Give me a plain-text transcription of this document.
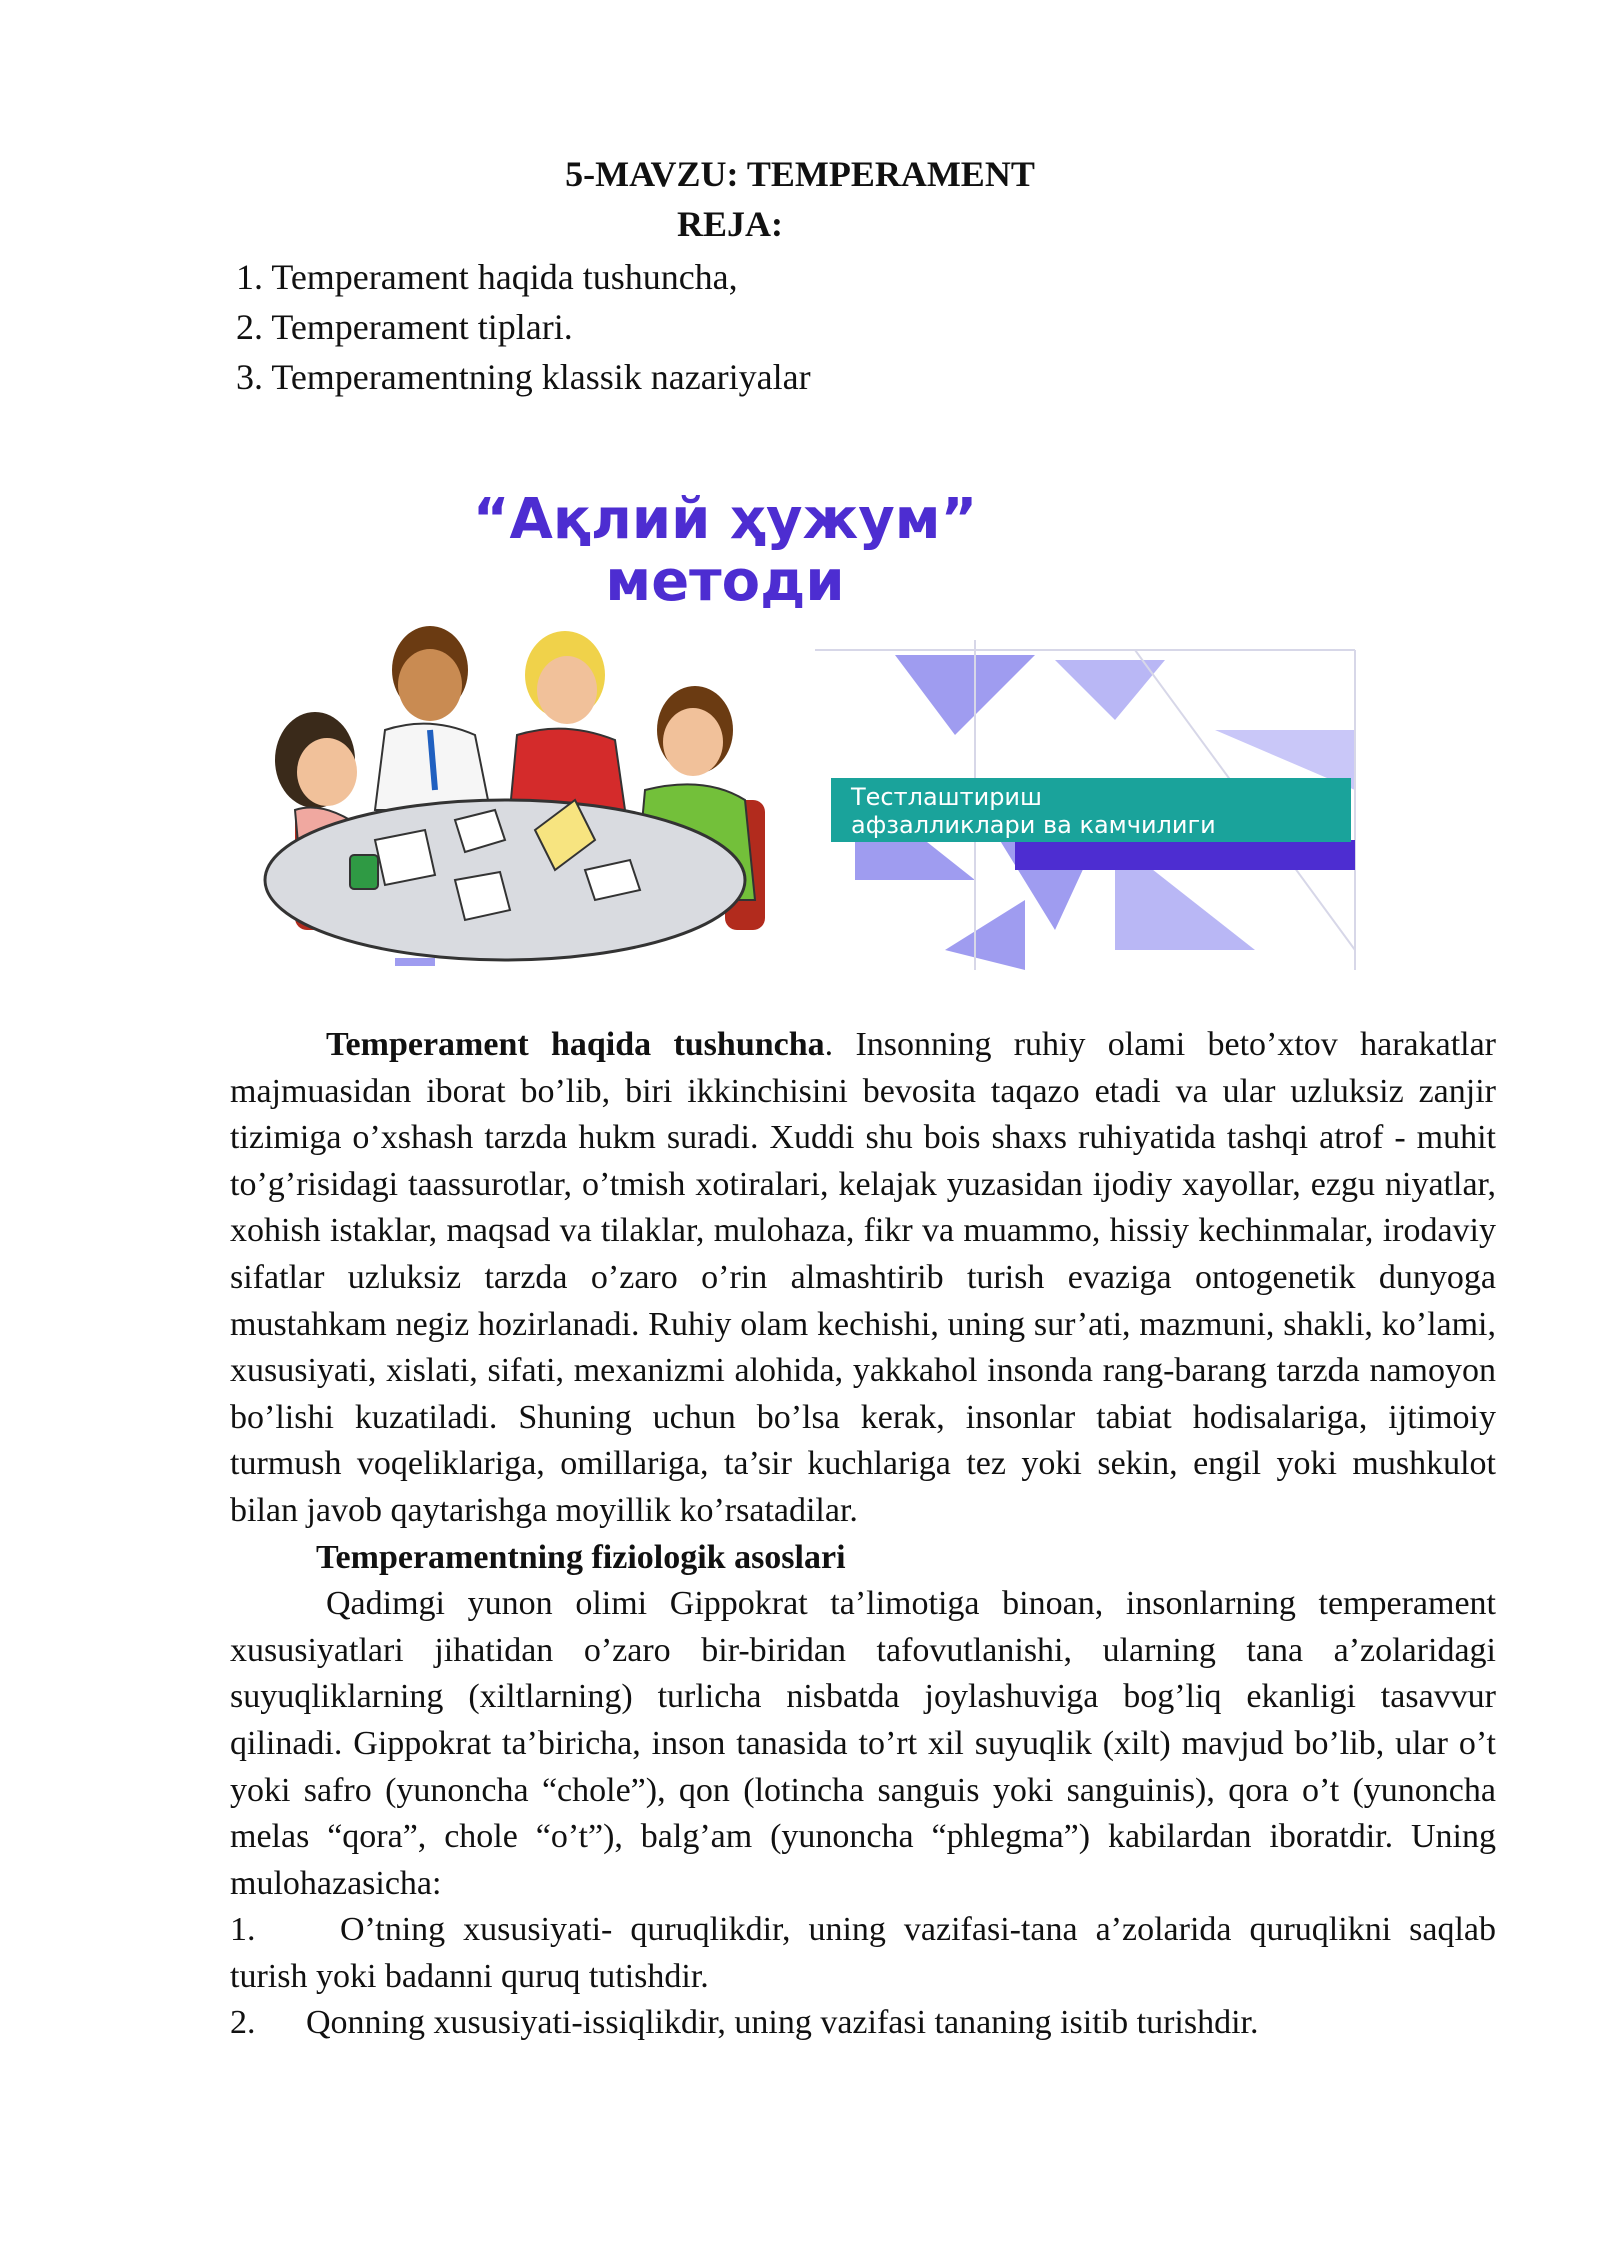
5-MAVZU: TEMPERAMENT
REJA:
1. Temperament haqida tushuncha,
2. Temperament tiplari.
3. Temperamentning klassik nazariyalar
“Ақлий ҳужум”
методи
Тестлаштириш
афзалликлари ва камчилиги

Temperament haqida tushuncha. Insonning ruhiy olami beto’xtov harakatlar majmuasidan iborat bo’lib, biri ikkinchisini bevosita taqazo etadi va ular uzluksiz zanjir tizimiga o’xshash tarzda hukm suradi. Xuddi shu bois shaxs ruhiyatida tashqi atrof - muhit to’g’risidagi taassurotlar, o’tmish xotiralari, kelajak yuzasidan ijodiy xayollar, ezgu niyatlar, xohish istaklar, maqsad va tilaklar, mulohaza, fikr va muammo, hissiy kechinmalar, irodaviy sifatlar uzluksiz tarzda o’zaro o’rin almashtirib turish evaziga ontogenetik dunyoga mustahkam negiz hozirlanadi. Ruhiy olam kechishi, uning sur’ati, mazmuni, shakli, ko’lami, xususiyati, xislati, sifati, mexanizmi alohida, yakkahol insonda rang-barang tarzda namoyon bo’lishi kuzatiladi. Shuning uchun bo’lsa kerak, insonlar tabiat hodisalariga, ijtimoiy turmush voqeliklariga, omillariga, ta’sir kuchlariga tez yoki sekin, engil yoki mushkulot bilan javob qaytarishga moyillik ko’rsatadilar.

Temperamentning fiziologik asoslari

Qadimgi yunon olimi Gippokrat ta’limotiga binoan, insonlarning temperament xususiyatlari jihatidan o’zaro bir-biridan tafovutlanishi, ularning tana a’zolaridagi suyuqliklarning (xiltlarning) turlicha nisbatda joylashuviga bog’liq ekanligi tasavvur qilinadi. Gippokrat ta’biricha, inson tanasida to’rt xil suyuqlik (xilt) mavjud bo’lib, ular o’t yoki safro (yunoncha “chole”), qon (lotincha sanguis yoki sanguinis), qora o’t (yunoncha melas “qora”, chole “o’t”), balg’am (yunoncha “phlegma”) kabilardan iboratdir. Uning mulohazasicha:

1. O’tning xususiyati- quruqlikdir, uning vazifasi-tana a’zolarida quruqlikni saqlab turish yoki badanni quruq tutishdir.

2. Qonning xususiyati-issiqlikdir, uning vazifasi tananing isitib turishdir.
